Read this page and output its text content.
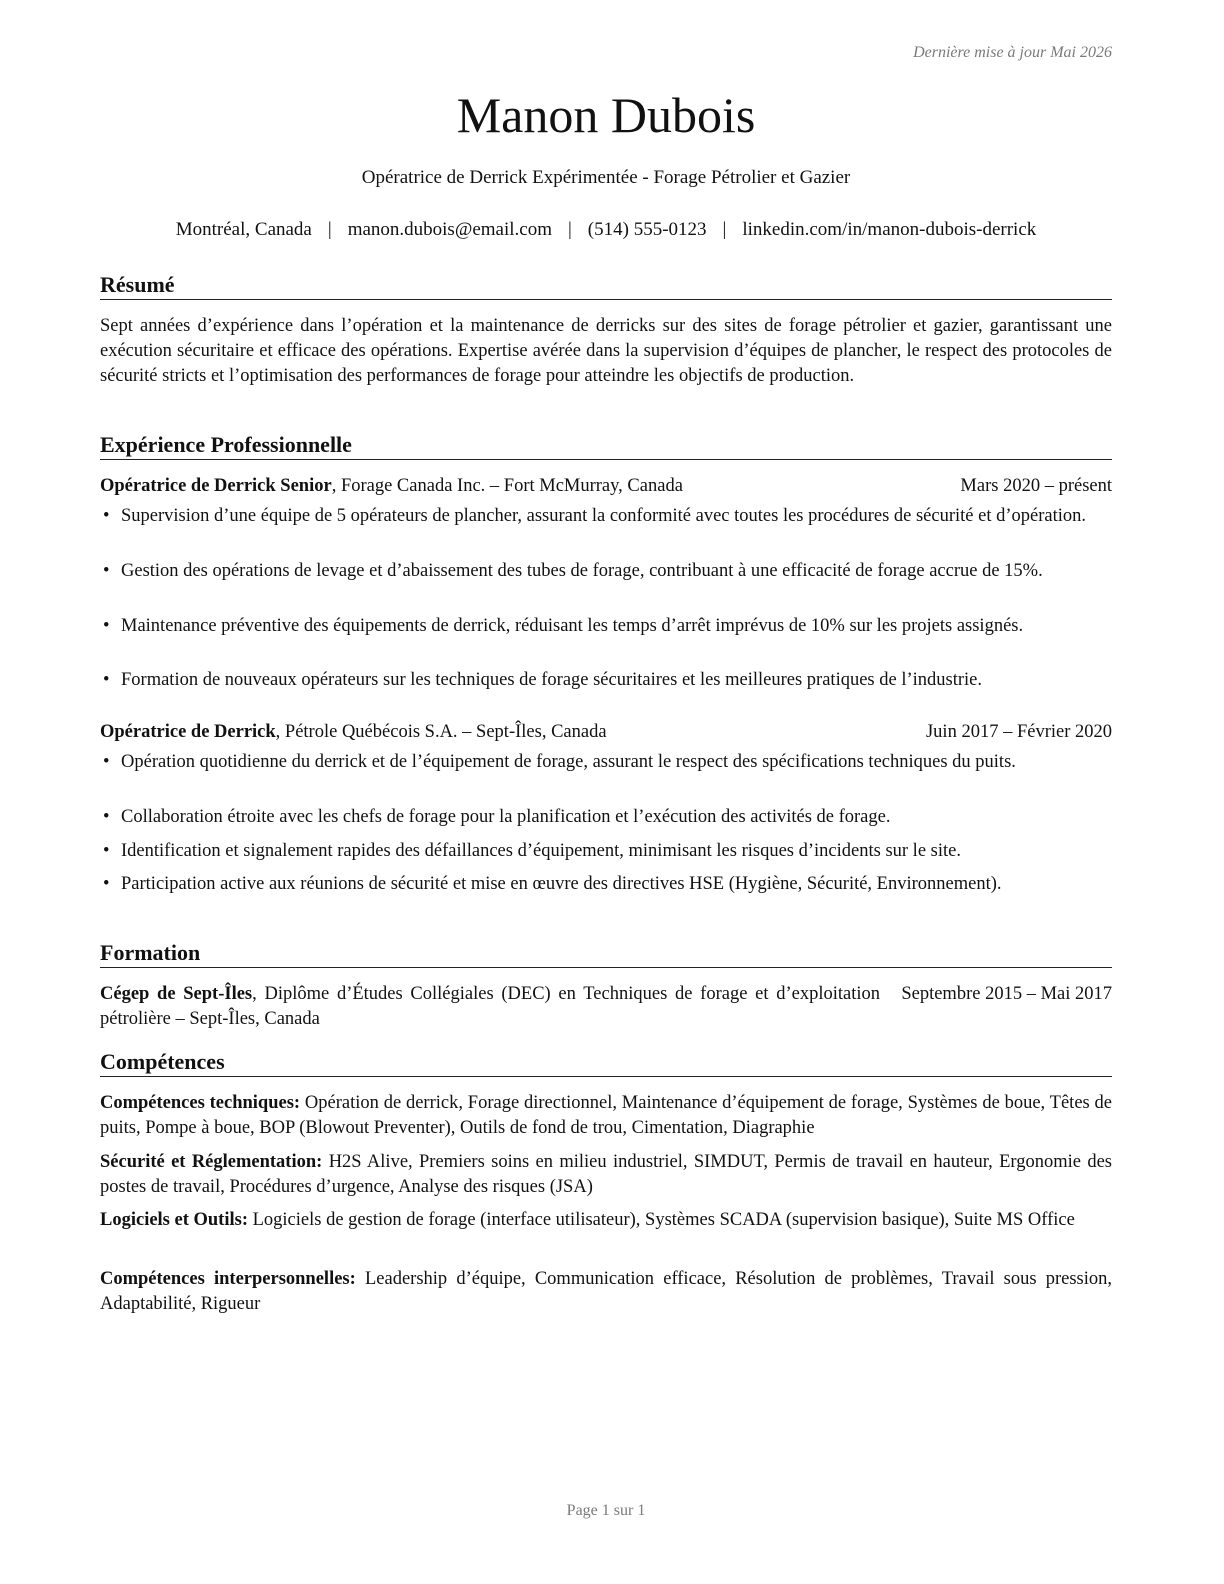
Dernière mise à jour Mai 2026
Manon Dubois
Opératrice de Derrick Expérimentée - Forage Pétrolier et Gazier
Montréal, Canada | manon.dubois@email.com | (514) 555-0123 | linkedin.com/in/manon-dubois-derrick
Résumé
Sept années d’expérience dans l’opération et la maintenance de derricks sur des sites de forage pétrolier et gazier, garantissant une exécution sécuritaire et efficace des opérations. Expertise avérée dans la supervision d’équipes de plancher, le respect des protocoles de sécurité stricts et l’optimisation des performances de forage pour atteindre les objectifs de production.
Expérience Professionnelle
Opératrice de Derrick Senior, Forage Canada Inc. – Fort McMurray, Canada	Mars 2020 – présent
• Supervision d’une équipe de 5 opérateurs de plancher, assurant la conformité avec toutes les procédures de sécurité et d’opération.
• Gestion des opérations de levage et d’abaissement des tubes de forage, contribuant à une efficacité de forage accrue de 15%.
• Maintenance préventive des équipements de derrick, réduisant les temps d’arrêt imprévus de 10% sur les projets assignés.
• Formation de nouveaux opérateurs sur les techniques de forage sécuritaires et les meilleures pratiques de l’industrie.
Opératrice de Derrick, Pétrole Québécois S.A. – Sept-Îles, Canada	Juin 2017 – Février 2020
• Opération quotidienne du derrick et de l’équipement de forage, assurant le respect des spécifications techniques du puits.
• Collaboration étroite avec les chefs de forage pour la planification et l’exécution des activités de forage.
• Identification et signalement rapides des défaillances d’équipement, minimisant les risques d’incidents sur le site.
• Participation active aux réunions de sécurité et mise en œuvre des directives HSE (Hygiène, Sécurité, Environnement).
Formation
Cégep de Sept-Îles, Diplôme d’Études Collégiales (DEC) en Techniques de forage et d’exploitation pétrolière – Sept-Îles, Canada
Septembre 2015 – Mai 2017
Compétences
Compétences techniques: Opération de derrick, Forage directionnel, Maintenance d’équipement de forage, Systèmes de boue, Têtes de puits, Pompe à boue, BOP (Blowout Preventer), Outils de fond de trou, Cimentation, Diagraphie
Sécurité et Réglementation: H2S Alive, Premiers soins en milieu industriel, SIMDUT, Permis de travail en hauteur, Ergonomie des postes de travail, Procédures d’urgence, Analyse des risques (JSA)
Logiciels et Outils: Logiciels de gestion de forage (interface utilisateur), Systèmes SCADA (supervision basique), Suite MS Office
Compétences interpersonnelles: Leadership d’équipe, Communication efficace, Résolution de problèmes, Travail sous pression, Adaptabilité, Rigueur
Page 1 sur 1
